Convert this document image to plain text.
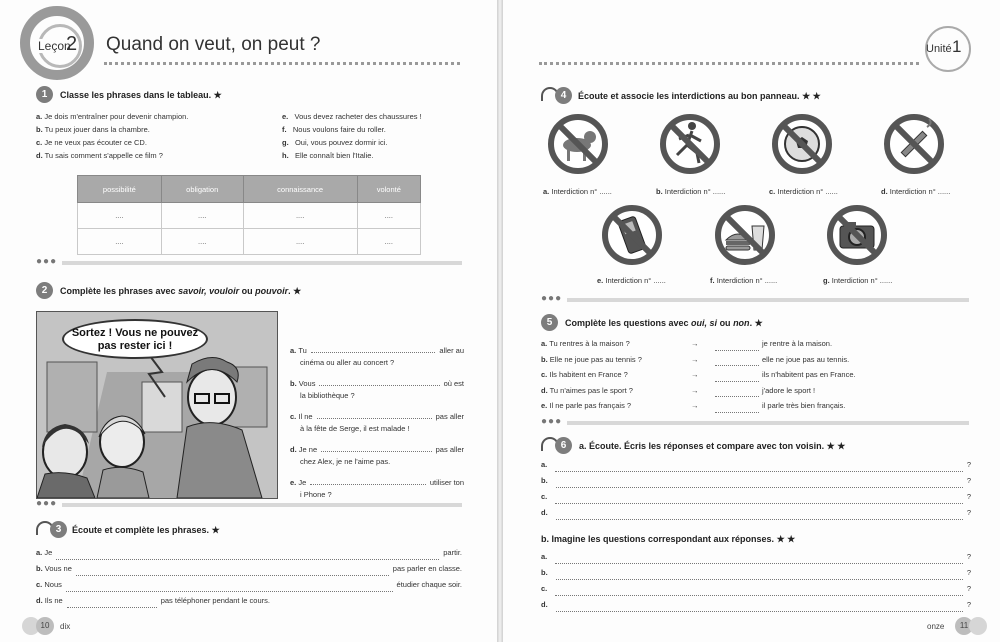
Leçon
2 Quand on veut, on peut ?
1	Classe les phrases dans le tableau. ★
a. Je dois m'entraîner pour devenir champion.
b. Tu peux jouer dans la chambre.
c. Je ne veux pas écouter ce CD.
d. Tu sais comment s'appelle ce film ?
e. Vous devez racheter des chaussures !
f. Nous voulons faire du roller.
g. Oui, vous pouvez dormir ici.
h. Elle connaît bien l'Italie.
possibilité	obligation	connaissance	volonté
....	....	....	....
....	....	....	....
●●●
2	Complète les phrases avec savoir, vouloir ou pouvoir. ★
Sortez ! Vous ne pouvez
pas rester ici !	a.
Tu	aller au
cinéma ou aller au concert ?
b.
Vous	où est
la bibliothèque ?
c.
Il ne	pas aller
à la fête de Serge, il est malade !
d.
Je ne	pas aller
chez Alex, je ne l'aime pas.
e.
Je	utiliser ton
i Phone ?
●●●
3	Écoute et complète les phrases. ★
a.
Je	partir.
b.
Vous ne	pas parler en classe.
c.
Nous	étudier chaque soir.
d.
Ils ne	pas téléphoner pendant le cours.
10	dix
Unité 1
4	Écoute et associe les interdictions au bon panneau. ★ ★
a. Interdiction n° ......	b. Interdiction n° ......	c. Interdiction n° ......	d. Interdiction n° ......
e. Interdiction n° ......	f. Interdiction n° ......	g. Interdiction n° ......
●●●
5	Complète les questions avec oui, si ou non. ★
a. Tu rentres à la maison ?	→	je rentre à la maison.
b. Elle ne joue pas au tennis ?	→	elle ne joue pas au tennis.
c. Ils habitent en France ?	→	ils n'habitent pas en France.
d. Tu n'aimes pas le sport ?	→	j'adore le sport !
e. Il ne parle pas français ?	→	il parle très bien français.
●●●
6	a. Écoute. Écris les réponses et compare avec ton voisin. ★ ★
a.	?
b.	?
c.	?
d.	?
b. Imagine les questions correspondant aux réponses. ★ ★
a.	?
b.	?
c.	?
d.	?
onze	11
